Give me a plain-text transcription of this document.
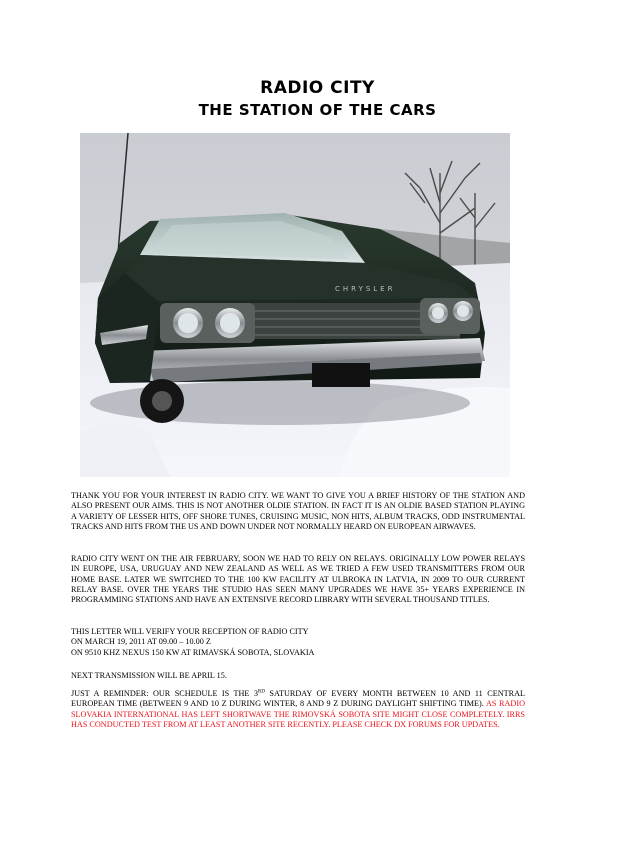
RADIO CITY
THE STATION OF THE CARS
CHRYSLER
THANK YOU FOR YOUR INTEREST IN RADIO CITY. WE WANT TO GIVE YOU A BRIEF HISTORY OF THE STATION AND ALSO PRESENT OUR AIMS. THIS IS NOT ANOTHER OLDIE STATION. IN FACT IT IS AN OLDIE BASED STATION PLAYING A VARIETY OF LESSER HITS, OFF SHORE TUNES, CRUISING MUSIC, NON HITS, ALBUM TRACKS, ODD INSTRUMENTAL TRACKS AND HITS FROM THE US AND DOWN UNDER NOT NORMALLY HEARD ON EUROPEAN AIRWAVES.
RADIO CITY WENT ON THE AIR FEBRUARY, SOON WE HAD TO RELY ON RELAYS. ORIGINALLY LOW POWER RELAYS IN EUROPE, USA, URUGUAY AND NEW ZEALAND AS WELL AS WE TRIED A FEW USED TRANSMITTERS FROM OUR HOME BASE. LATER WE SWITCHED TO THE 100 KW FACILITY AT ULBROKA IN LATVIA, IN 2009 TO OUR CURRENT RELAY BASE. OVER THE YEARS THE STUDIO HAS SEEN MANY UPGRADES WE HAVE 35+ YEARS EXPERIENCE IN PROGRAMMING STATIONS AND HAVE AN EXTENSIVE RECORD LIBRARY WITH SEVERAL THOUSAND TITLES.
THIS LETTER WILL VERIFY YOUR RECEPTION OF RADIO CITY
ON MARCH 19, 2011 AT 09.00 – 10.00 Z
ON 9510 KHZ NEXUS 150 KW AT RIMAVSKÁ SOBOTA, SLOVAKIA
NEXT TRANSMISSION WILL BE APRIL 15.
JUST A REMINDER: OUR SCHEDULE IS THE 3RD SATURDAY OF EVERY MONTH BETWEEN 10 AND 11 CENTRAL EUROPEAN TIME (BETWEEN 9 AND 10 Z DURING WINTER, 8 AND 9 Z DURING DAYLIGHT SHIFTING TIME). AS RADIO SLOVAKIA INTERNATIONAL HAS LEFT SHORTWAVE THE RIMOVSKÁ SOBOTA SITE MIGHT CLOSE COMPLETELY. IRRS HAS CONDUCTED TEST FROM AT LEAST ANOTHER SITE RECENTLY. PLEASE CHECK DX FORUMS FOR UPDATES.
